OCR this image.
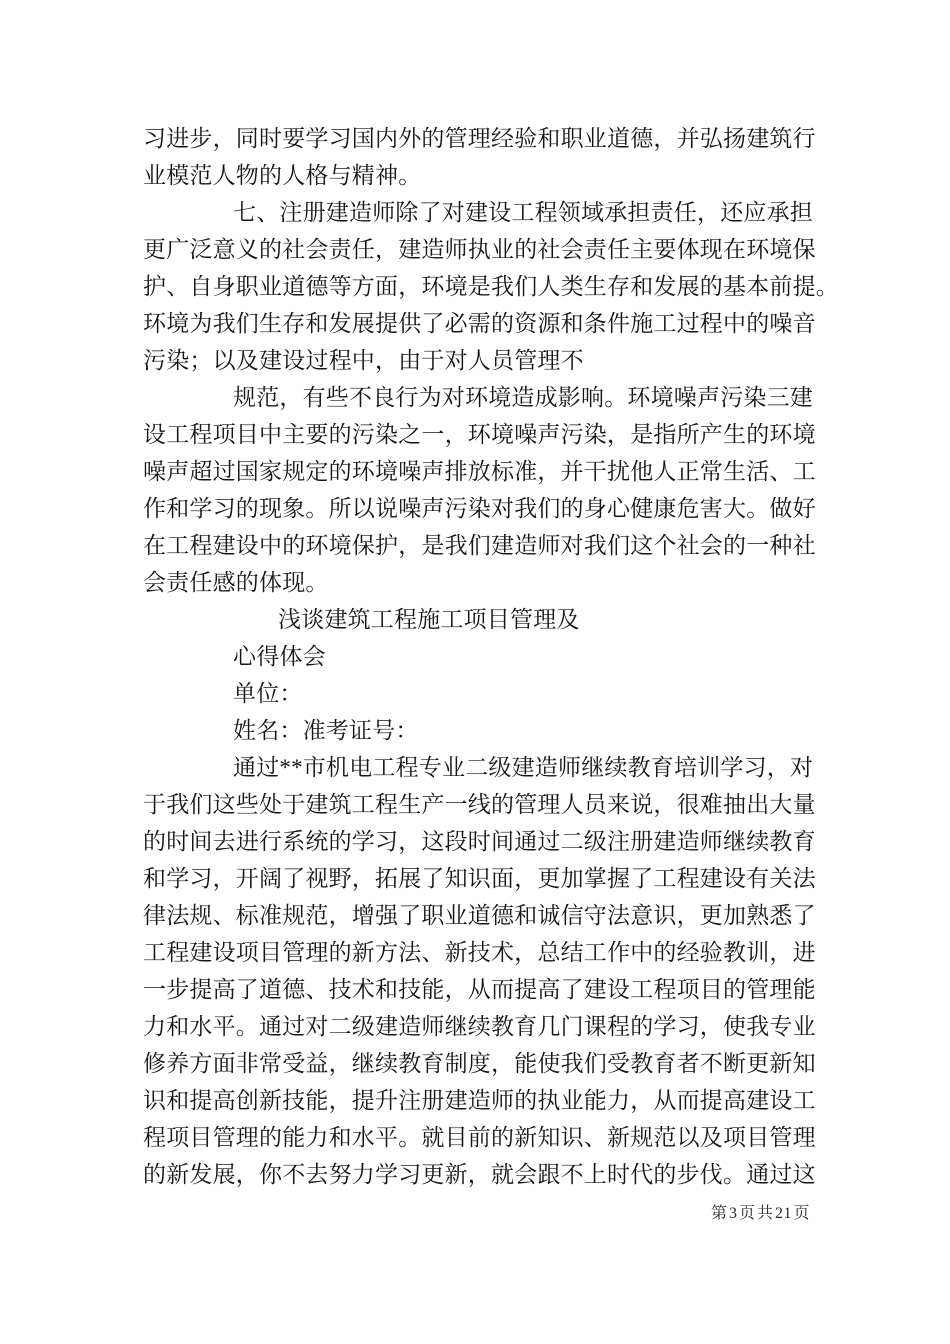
习进步，同时要学习国内外的管理经验和职业道德，并弘扬建筑行
业模范人物的人格与精神。
七、注册建造师除了对建设工程领域承担责任，还应承担
更广泛意义的社会责任，建造师执业的社会责任主要体现在环境保
护、自身职业道德等方面，环境是我们人类生存和发展的基本前提。
环境为我们生存和发展提供了必需的资源和条件施工过程中的噪音
污染；以及建设过程中，由于对人员管理不
规范，有些不良行为对环境造成影响。环境噪声污染三建
设工程项目中主要的污染之一，环境噪声污染，是指所产生的环境
噪声超过国家规定的环境噪声排放标准，并干扰他人正常生活、工
作和学习的现象。所以说噪声污染对我们的身心健康危害大。做好
在工程建设中的环境保护，是我们建造师对我们这个社会的一种社
会责任感的体现。
浅谈建筑工程施工项目管理及
心得体会
单位：
姓名：准考证号：
通过**市机电工程专业二级建造师继续教育培训学习，对
于我们这些处于建筑工程生产一线的管理人员来说，很难抽出大量
的时间去进行系统的学习，这段时间通过二级注册建造师继续教育
和学习，开阔了视野，拓展了知识面，更加掌握了工程建设有关法
律法规、标准规范，增强了职业道德和诚信守法意识，更加熟悉了
工程建设项目管理的新方法、新技术，总结工作中的经验教训，进
一步提高了道德、技术和技能，从而提高了建设工程项目的管理能
力和水平。通过对二级建造师继续教育几门课程的学习，使我专业
修养方面非常受益，继续教育制度，能使我们受教育者不断更新知
识和提高创新技能，提升注册建造师的执业能力，从而提高建设工
程项目管理的能力和水平。就目前的新知识、新规范以及项目管理
的新发展，你不去努力学习更新，就会跟不上时代的步伐。通过这
第 3 页 共 21 页
